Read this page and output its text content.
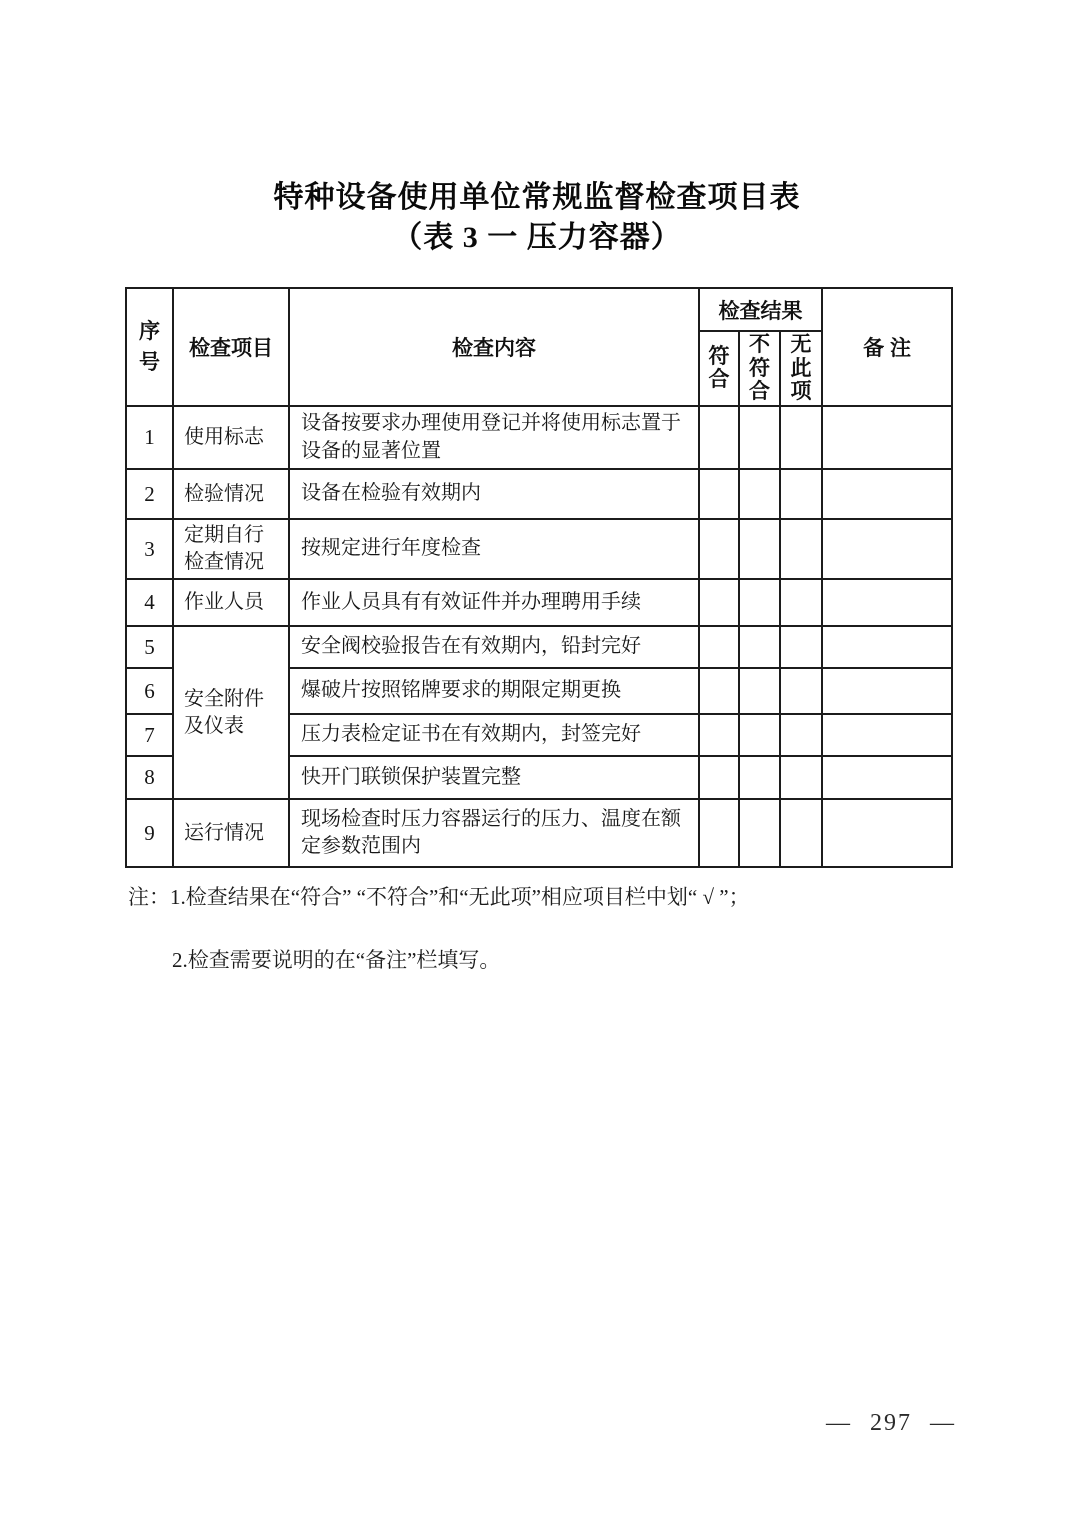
特种设备使用单位常规监督检查项目表
（表 3 一 压力容器）
序号	检查项目	检查内容	检查结果			备 注
			符合	不符合	无此项	
1	使用标志	设备按要求办理使用登记并将使用标志置于设备的显著位置				
2	检验情况	设备在检验有效期内				
3	定期自行检查情况	按规定进行年度检查				
4	作业人员	作业人员具有有效证件并办理聘用手续				
5	安全附件及仪表	安全阀校验报告在有效期内，铅封完好				
6		爆破片按照铭牌要求的期限定期更换				
7		压力表检定证书在有效期内，封签完好				
8		快开门联锁保护装置完整				
9	运行情况	现场检查时压力容器运行的压力、温度在额定参数范围内				
注：1.检查结果在“符合” “不符合”和“无此项”相应项目栏中划“ √ ”；
2.检查需要说明的在“备注”栏填写。
— 297 —
